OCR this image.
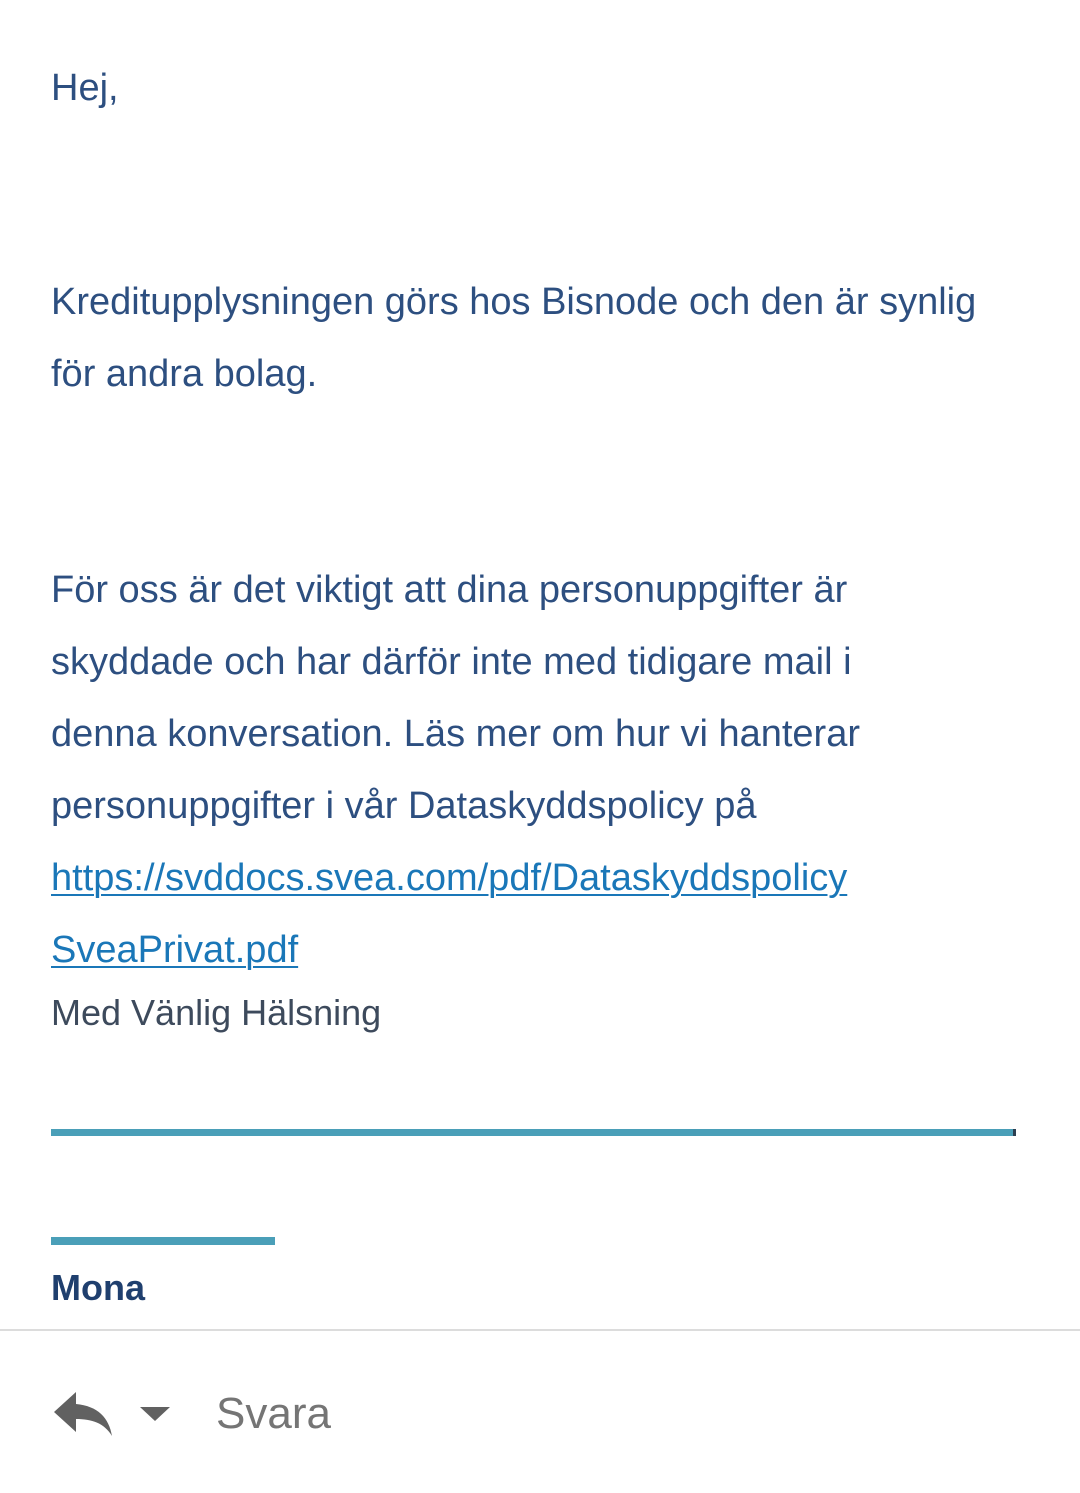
Hej,

Kreditupplysningen görs hos Bisnode och den är synlig för andra bolag.

För oss är det viktigt att dina personuppgifter är
skyddade och har därför inte med tidigare mail i
denna konversation. Läs mer om hur vi hanterar
personuppgifter i vår Dataskyddspolicy på
https://svddocs.svea.com/pdf/Dataskyddspolicy
SveaPrivat.pdf

Med Vänlig Hälsning

Mona

Svara
